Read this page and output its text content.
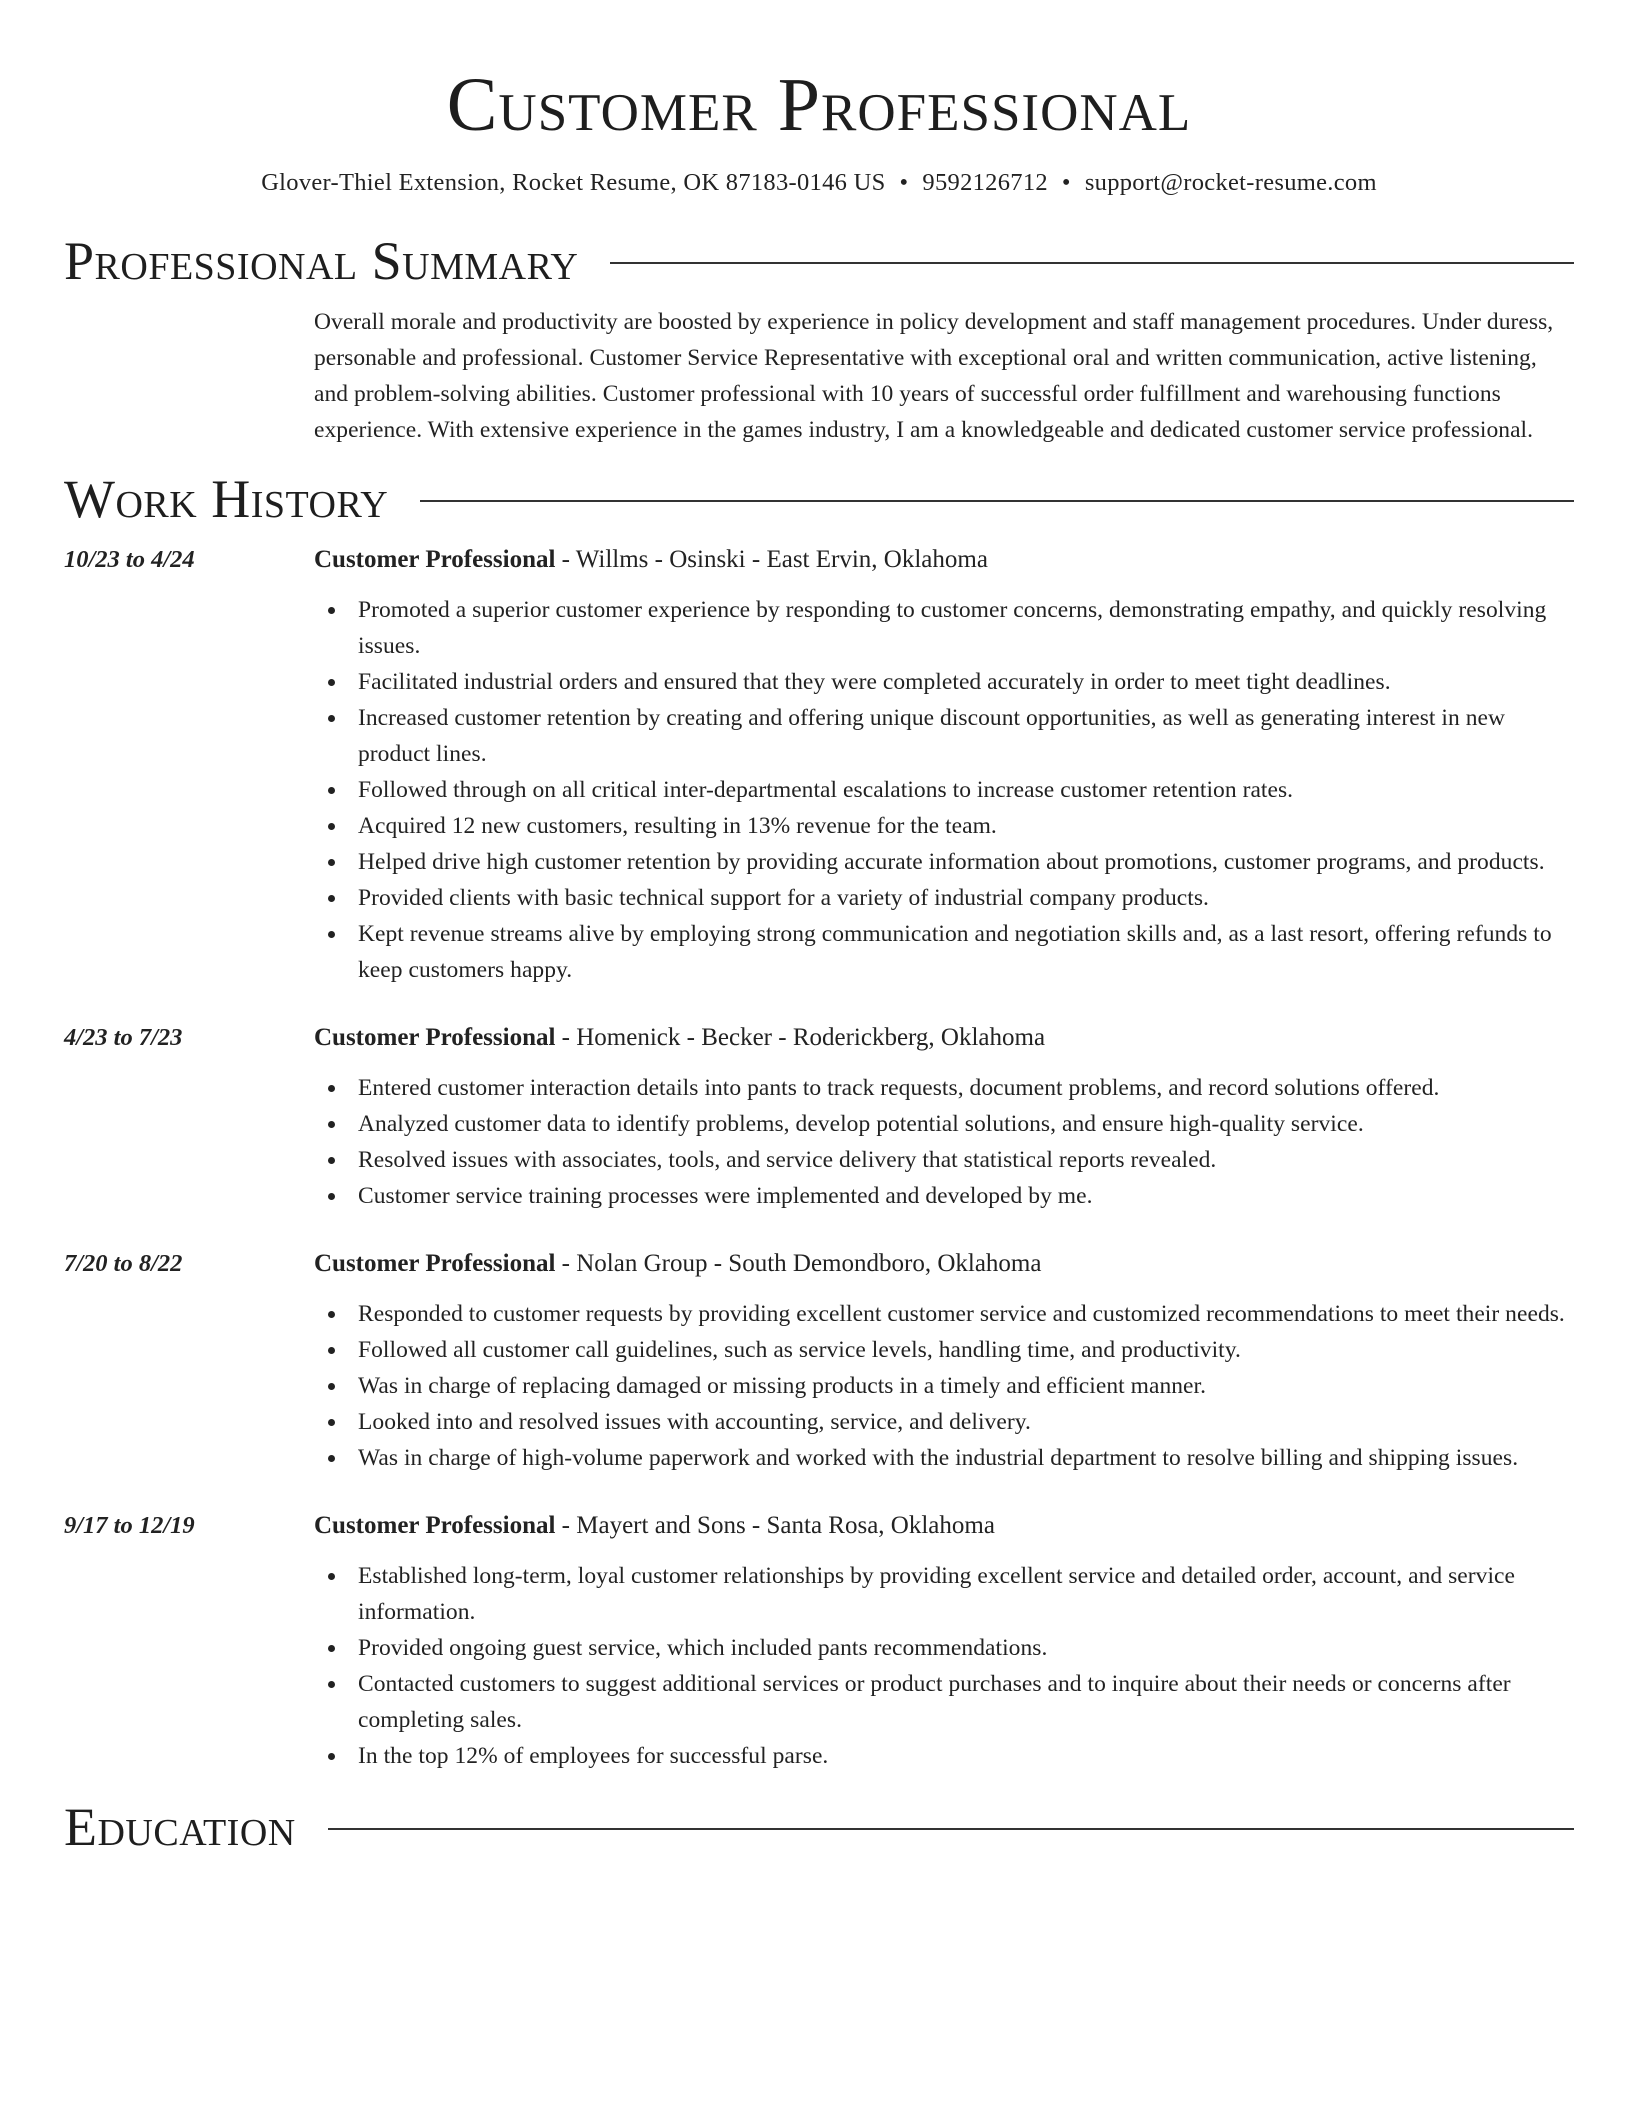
Customer Professional
Glover-Thiel Extension, Rocket Resume, OK 87183-0146 US • 9592126712 • support@rocket-resume.com
Professional Summary
Overall morale and productivity are boosted by experience in policy development and staff management procedures. Under duress, personable and professional. Customer Service Representative with exceptional oral and written communication, active listening, and problem-solving abilities. Customer professional with 10 years of successful order fulfillment and warehousing functions experience. With extensive experience in the games industry, I am a knowledgeable and dedicated customer service professional.
Work History
10/23 to 4/24	Customer Professional - Willms - Osinski - East Ervin, Oklahoma
Promoted a superior customer experience by responding to customer concerns, demonstrating empathy, and quickly resolving issues.
Facilitated industrial orders and ensured that they were completed accurately in order to meet tight deadlines.
Increased customer retention by creating and offering unique discount opportunities, as well as generating interest in new product lines.
Followed through on all critical inter-departmental escalations to increase customer retention rates.
Acquired 12 new customers, resulting in 13% revenue for the team.
Helped drive high customer retention by providing accurate information about promotions, customer programs, and products.
Provided clients with basic technical support for a variety of industrial company products.
Kept revenue streams alive by employing strong communication and negotiation skills and, as a last resort, offering refunds to keep customers happy.
4/23 to 7/23	Customer Professional - Homenick - Becker - Roderickberg, Oklahoma
Entered customer interaction details into pants to track requests, document problems, and record solutions offered.
Analyzed customer data to identify problems, develop potential solutions, and ensure high-quality service.
Resolved issues with associates, tools, and service delivery that statistical reports revealed.
Customer service training processes were implemented and developed by me.
7/20 to 8/22	Customer Professional - Nolan Group - South Demondboro, Oklahoma
Responded to customer requests by providing excellent customer service and customized recommendations to meet their needs.
Followed all customer call guidelines, such as service levels, handling time, and productivity.
Was in charge of replacing damaged or missing products in a timely and efficient manner.
Looked into and resolved issues with accounting, service, and delivery.
Was in charge of high-volume paperwork and worked with the industrial department to resolve billing and shipping issues.
9/17 to 12/19	Customer Professional - Mayert and Sons - Santa Rosa, Oklahoma
Established long-term, loyal customer relationships by providing excellent service and detailed order, account, and service information.
Provided ongoing guest service, which included pants recommendations.
Contacted customers to suggest additional services or product purchases and to inquire about their needs or concerns after completing sales.
In the top 12% of employees for successful parse.
Education
